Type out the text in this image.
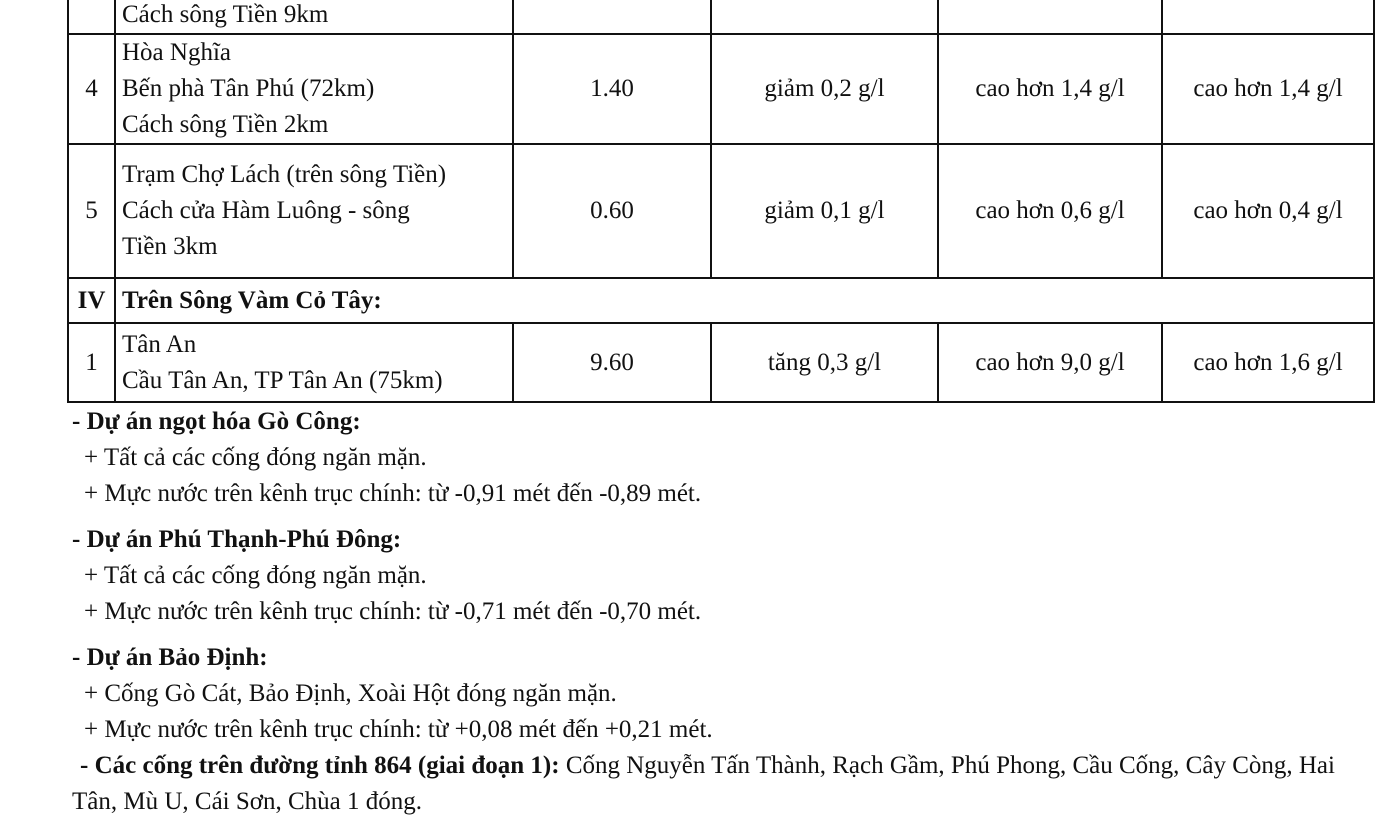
	Cách sông Tiền 9km				

4	Hòa Nghĩa
Bến phà Tân Phú (72km)
Cách sông Tiền 2km	1.40	giảm 0,2 g/l	cao hơn 1,4 g/l	cao hơn 1,4 g/l
5	Trạm Chợ Lách (trên sông Tiền)
Cách cửa Hàm Luông - sông
Tiền 3km	0.60	giảm 0,1 g/l	cao hơn 0,6 g/l	cao hơn 0,4 g/l
IV	Trên Sông Vàm Cỏ Tây:				
1	Tân An
Cầu Tân An, TP Tân An (75km)	9.60	tăng 0,3 g/l	cao hơn 9,0 g/l	cao hơn 1,6 g/l

- Dự án ngọt hóa Gò Công:

+ Tất cả các cống đóng ngăn mặn.

+ Mực nước trên kênh trục chính: từ -0,91 mét đến -0,89 mét.

- Dự án Phú Thạnh-Phú Đông:

+ Tất cả các cống đóng ngăn mặn.

+ Mực nước trên kênh trục chính: từ -0,71 mét đến -0,70 mét.

- Dự án Bảo Định:

+ Cống Gò Cát, Bảo Định, Xoài Hột đóng ngăn mặn.

+ Mực nước trên kênh trục chính: từ +0,08 mét đến +0,21 mét.

- Các cống trên đường tỉnh 864 (giai đoạn 1): Cống Nguyễn Tấn Thành, Rạch Gầm, Phú Phong, Cầu Cống, Cây Còng, Hai Tân, Mù U, Cái Sơn, Chùa 1 đóng.
